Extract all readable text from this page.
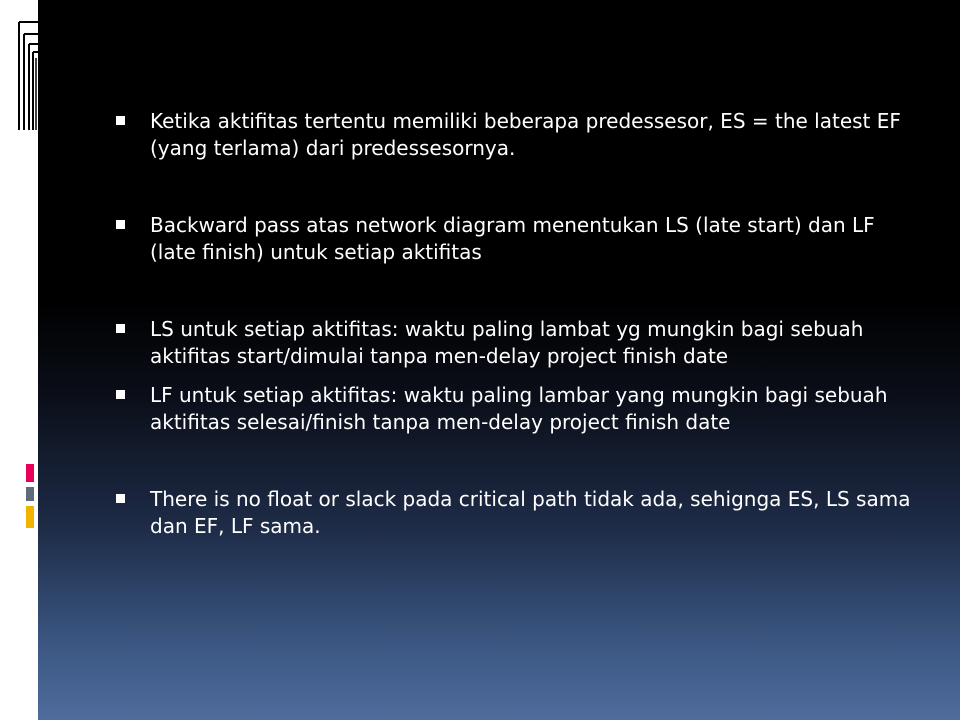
Ketika aktifitas tertentu memiliki beberapa predessesor, ES = the latest EF (yang terlama) dari predessesornya.
Backward pass atas network diagram menentukan LS (late start) dan LF (late finish) untuk setiap aktifitas
LS untuk setiap aktifitas: waktu paling lambat yg mungkin bagi sebuah aktifitas start/dimulai tanpa men-delay project finish date
LF untuk setiap aktifitas: waktu paling lambar yang mungkin bagi sebuah aktifitas selesai/finish tanpa men-delay project finish date
There is no float or slack pada critical path tidak ada, sehignga ES, LS sama dan EF, LF sama.
